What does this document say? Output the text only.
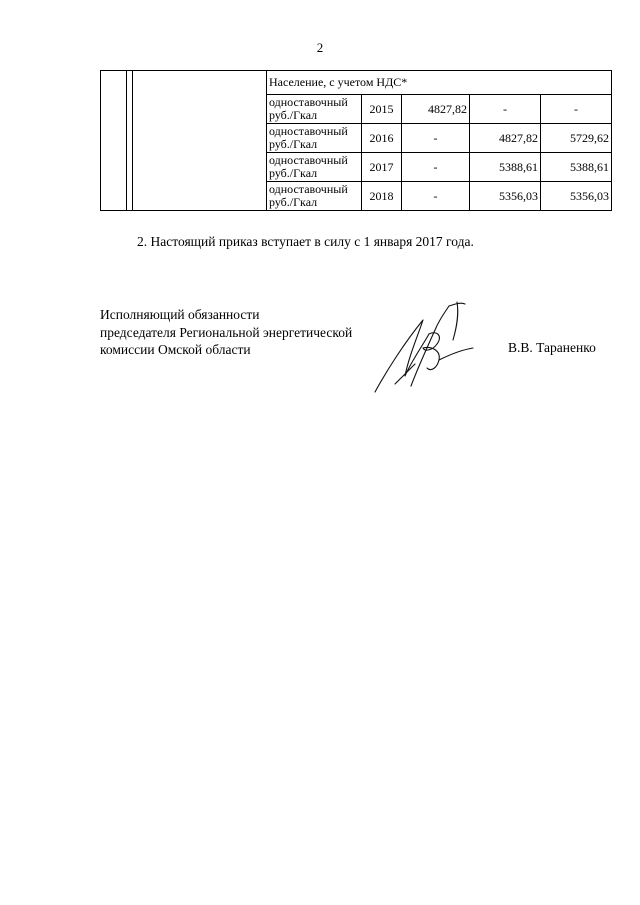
2
			Население, с учетом НДС*				
			одноставочный руб./Гкал	2015	4827,82	-	-
			одноставочный руб./Гкал	2016	-	4827,82	5729,62
			одноставочный руб./Гкал	2017	-	5388,61	5388,61
			одноставочный руб./Гкал	2018	-	5356,03	5356,03
2. Настоящий приказ вступает в силу с 1 января 2017 года.
Исполняющий обязанности
председателя Региональной энергетической
комиссии Омской области	В.В. Тараненко
